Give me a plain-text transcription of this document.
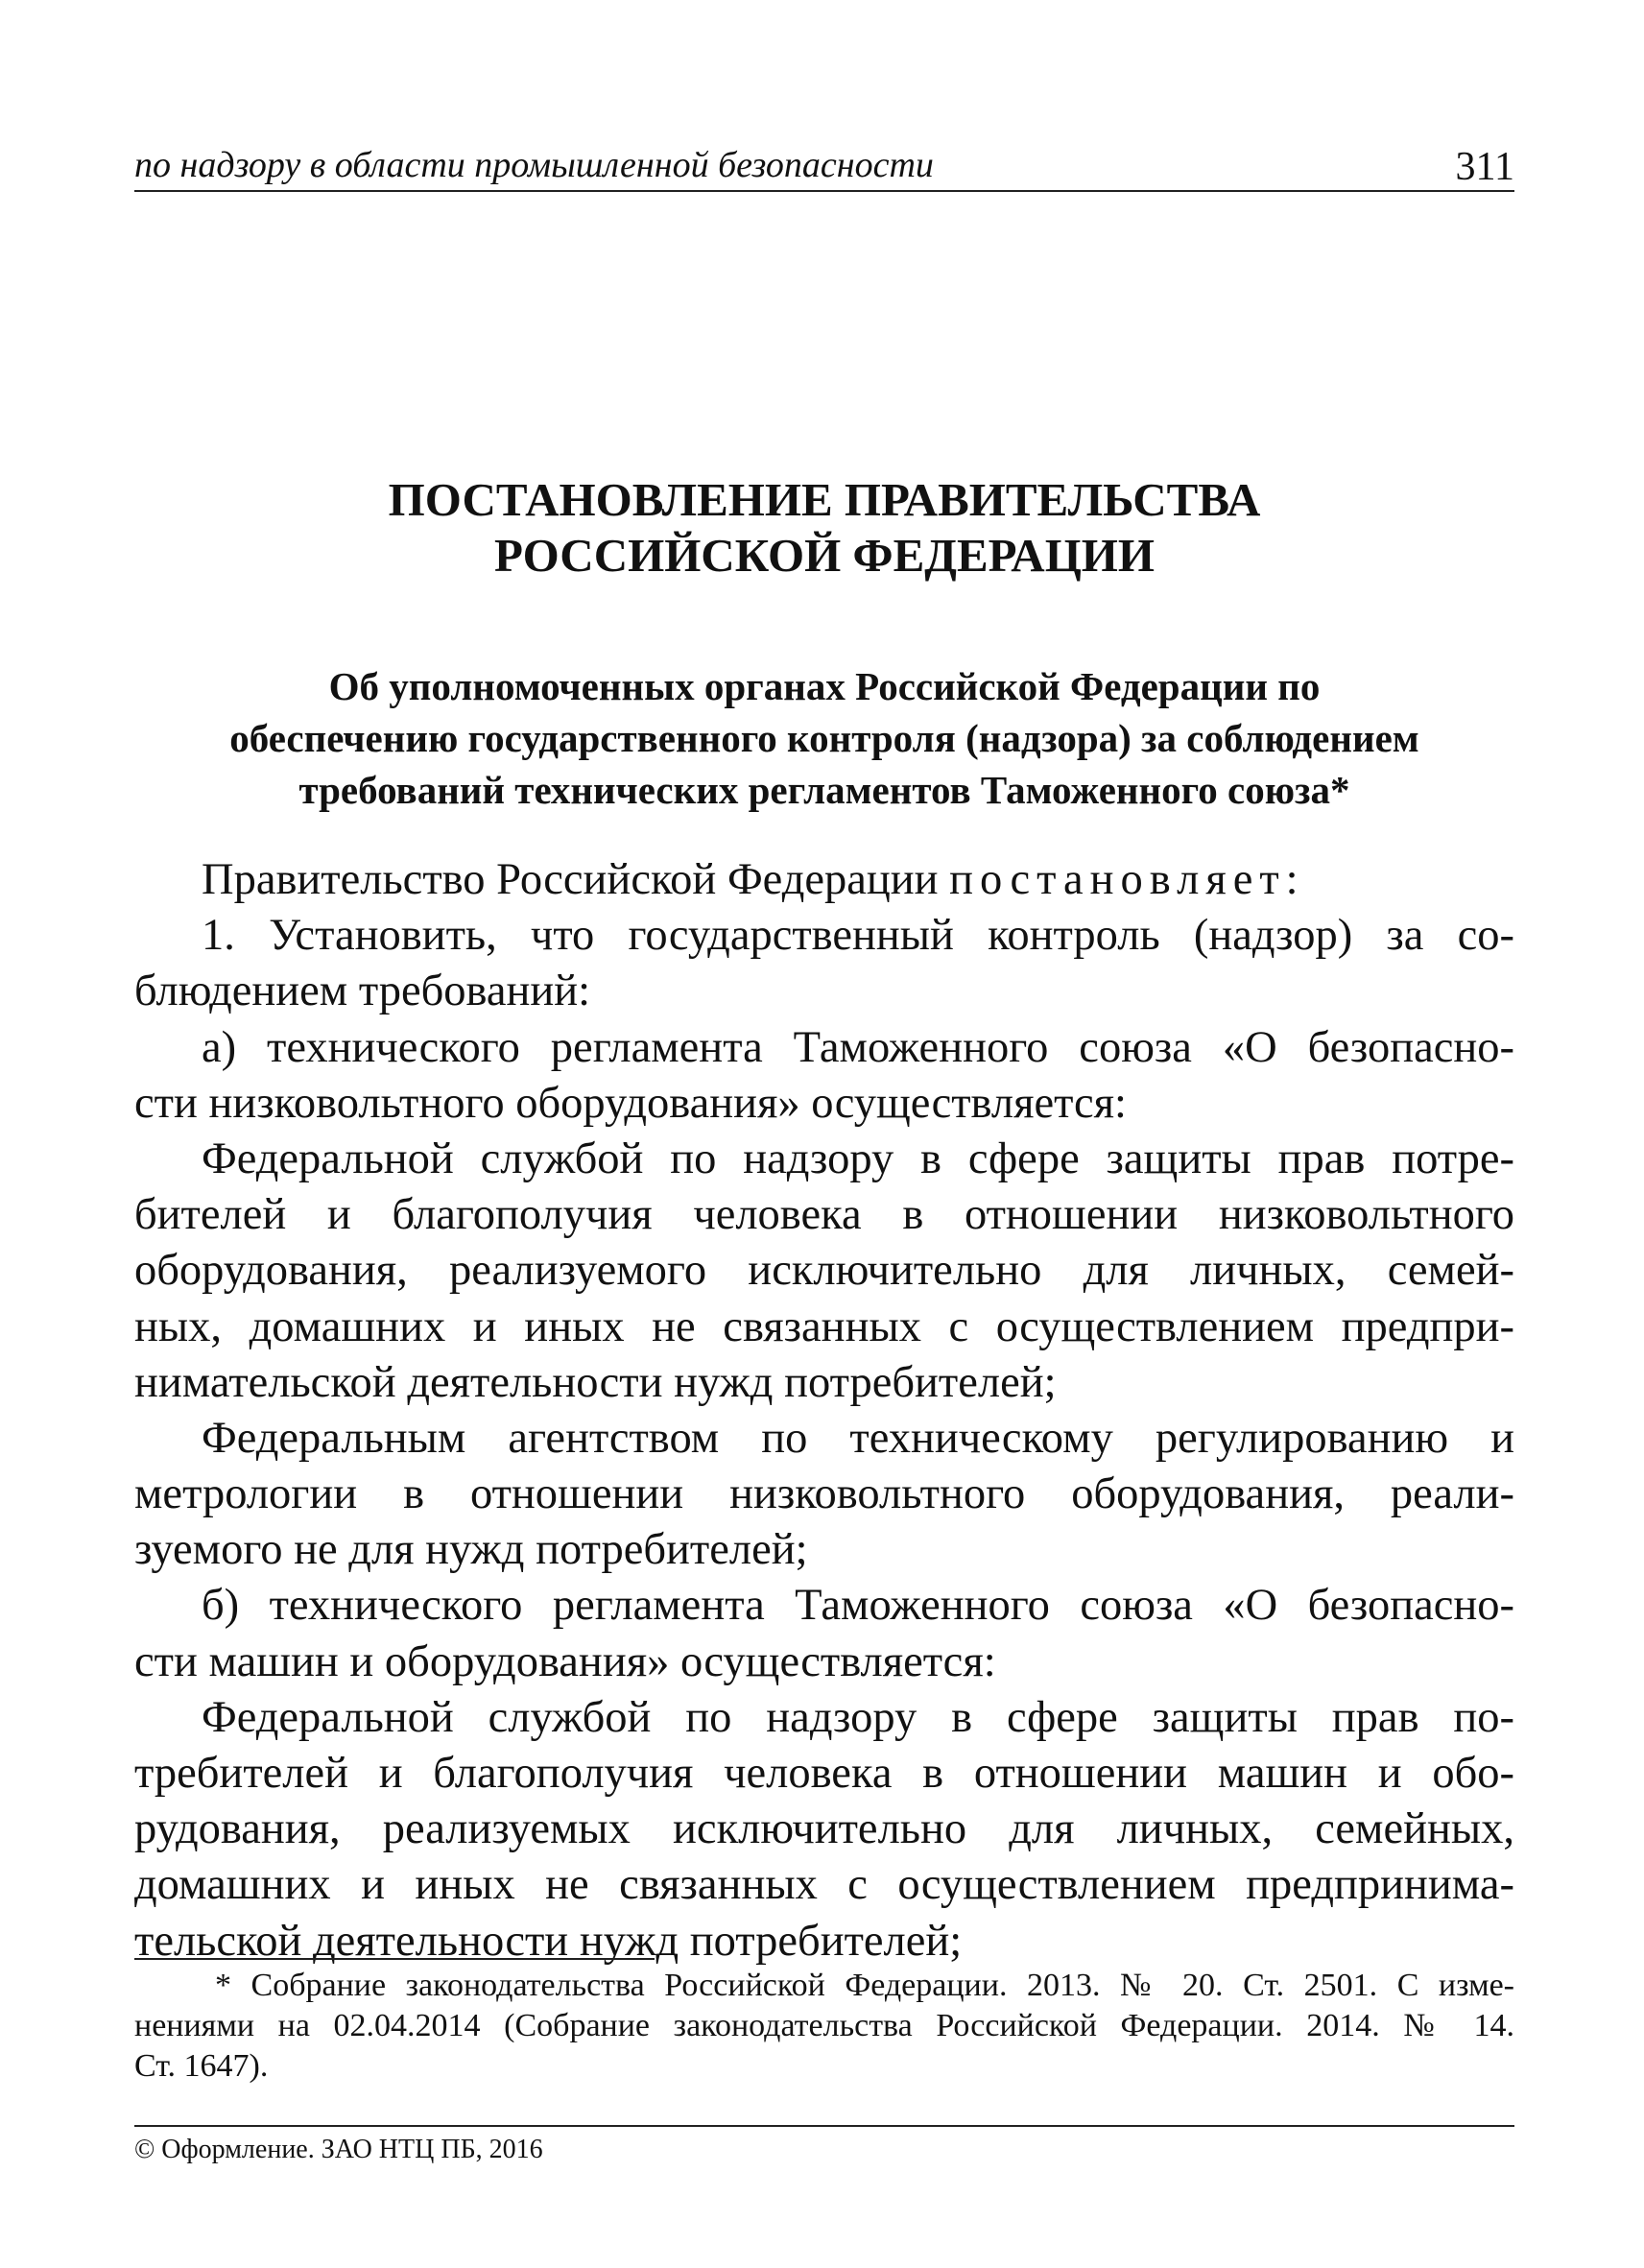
по надзору в области промышленной безопасности	311
ПОСТАНОВЛЕНИЕ ПРАВИТЕЛЬСТВА
РОССИЙСКОЙ ФЕДЕРАЦИИ
Об уполномоченных органах Российской Федерации по
обеспечению государственного контроля (надзора) за соблюдением
требований технических регламентов Таможенного союза*
Правительство Российской Федерации постановляет:
1. Установить, что государственный контроль (надзор) за со-
блюдением требований:
а) технического регламента Таможенного союза «О безопасно-
сти низковольтного оборудования» осуществляется:
Федеральной службой по надзору в сфере защиты прав потре-
бителей и благополучия человека в отношении низковольтного
оборудования, реализуемого исключительно для личных, семей-
ных, домашних и иных не связанных с осуществлением предпри-
нимательской деятельности нужд потребителей;
Федеральным агентством по техническому регулированию и
метрологии в отношении низковольтного оборудования, реали-
зуемого не для нужд потребителей;
б) технического регламента Таможенного союза «О безопасно-
сти машин и оборудования» осуществляется:
Федеральной службой по надзору в сфере защиты прав по-
требителей и благополучия человека в отношении машин и обо-
рудования, реализуемых исключительно для личных, семейных,
домашних и иных не связанных с осуществлением предпринима-
тельской деятельности нужд потребителей;
* Собрание законодательства Российской Федерации. 2013. № 20. Ст. 2501. С изме-
нениями на 02.04.2014 (Собрание законодательства Российской Федерации. 2014. № 14.
Ст. 1647).
© Оформление. ЗАО НТЦ ПБ, 2016
